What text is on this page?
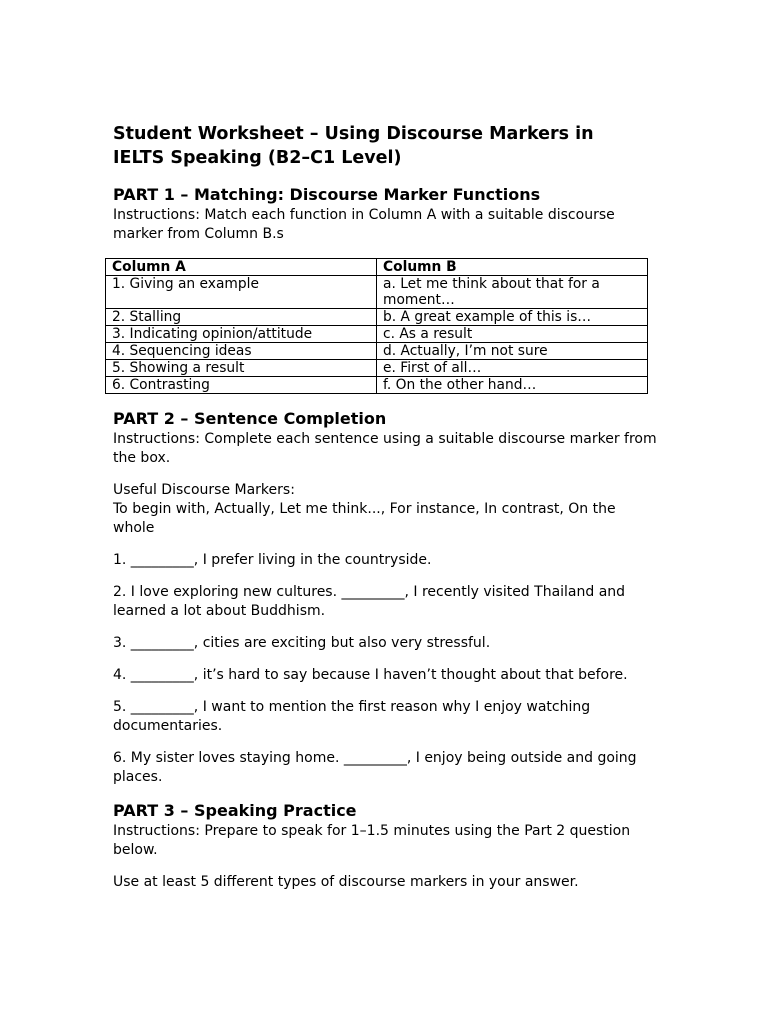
Student Worksheet – Using Discourse Markers in IELTS Speaking (B2–C1 Level)
PART 1 – Matching: Discourse Marker Functions

Instructions: Match each function in Column A with a suitable discourse marker from Column B.s

Column A	Column B
1. Giving an example	a. Let me think about that for a moment…
2. Stalling	b. A great example of this is…
3. Indicating opinion/attitude	c. As a result
4. Sequencing ideas	d. Actually, I’m not sure
5. Showing a result	e. First of all…
6. Contrasting	f. On the other hand…
PART 2 – Sentence Completion

Instructions: Complete each sentence using a suitable discourse marker from the box.

Useful Discourse Markers:

To begin with, Actually, Let me think..., For instance, In contrast, On the whole

1. _________, I prefer living in the countryside.

2. I love exploring new cultures. _________, I recently visited Thailand and learned a lot about Buddhism.

3. _________, cities are exciting but also very stressful.

4. _________, it’s hard to say because I haven’t thought about that before.

5. _________, I want to mention the first reason why I enjoy watching documentaries.

6. My sister loves staying home. _________, I enjoy being outside and going places.

PART 3 – Speaking Practice

Instructions: Prepare to speak for 1–1.5 minutes using the Part 2 question below.

Use at least 5 different types of discourse markers in your answer.
